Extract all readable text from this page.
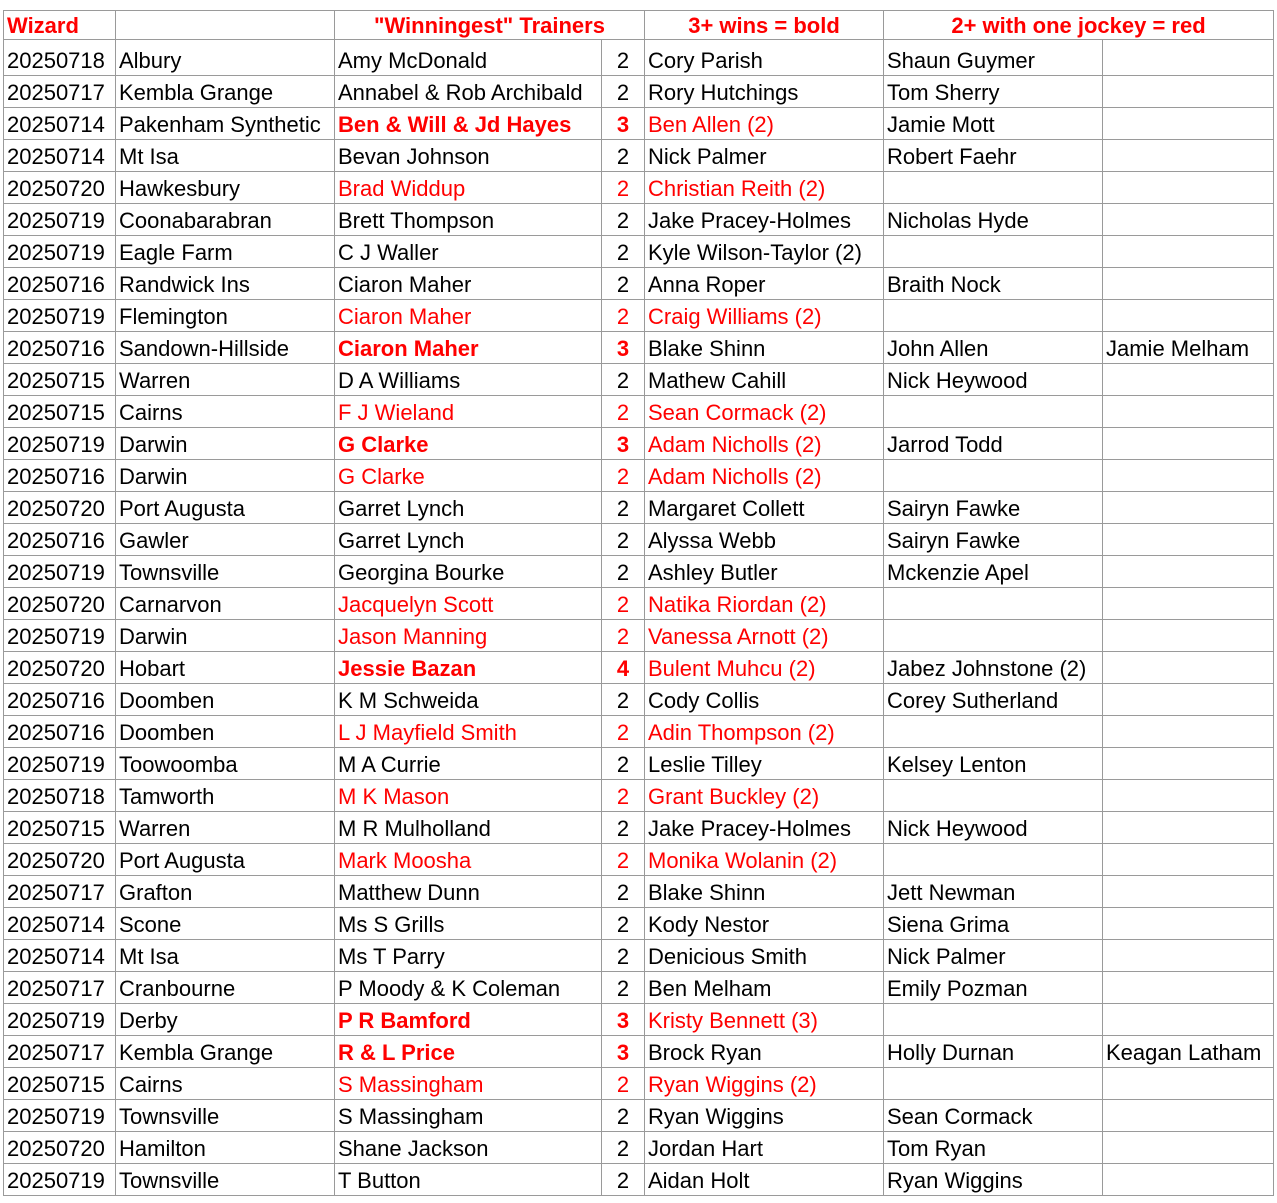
Wizard		"Winningest" Trainers		3+ wins = bold	2+ with one jockey = red	
20250718	Albury	Amy McDonald	2	Cory Parish	Shaun Guymer	
20250717	Kembla Grange	Annabel & Rob Archibald	2	Rory Hutchings	Tom Sherry	
20250714	Pakenham Synthetic	Ben & Will & Jd Hayes	3	Ben Allen (2)	Jamie Mott	
20250714	Mt Isa	Bevan Johnson	2	Nick Palmer	Robert Faehr	
20250720	Hawkesbury	Brad Widdup	2	Christian Reith (2)		
20250719	Coonabarabran	Brett Thompson	2	Jake Pracey-Holmes	Nicholas Hyde	
20250719	Eagle Farm	C J Waller	2	Kyle Wilson-Taylor (2)		
20250716	Randwick Ins	Ciaron Maher	2	Anna Roper	Braith Nock	
20250719	Flemington	Ciaron Maher	2	Craig Williams (2)		
20250716	Sandown-Hillside	Ciaron Maher	3	Blake Shinn	John Allen	Jamie Melham
20250715	Warren	D A Williams	2	Mathew Cahill	Nick Heywood	
20250715	Cairns	F J Wieland	2	Sean Cormack (2)		
20250719	Darwin	G Clarke	3	Adam Nicholls (2)	Jarrod Todd	
20250716	Darwin	G Clarke	2	Adam Nicholls (2)		
20250720	Port Augusta	Garret Lynch	2	Margaret Collett	Sairyn Fawke	
20250716	Gawler	Garret Lynch	2	Alyssa Webb	Sairyn Fawke	
20250719	Townsville	Georgina Bourke	2	Ashley Butler	Mckenzie Apel	
20250720	Carnarvon	Jacquelyn Scott	2	Natika Riordan (2)		
20250719	Darwin	Jason Manning	2	Vanessa Arnott (2)		
20250720	Hobart	Jessie Bazan	4	Bulent Muhcu (2)	Jabez Johnstone (2)	
20250716	Doomben	K M Schweida	2	Cody Collis	Corey Sutherland	
20250716	Doomben	L J Mayfield Smith	2	Adin Thompson (2)		
20250719	Toowoomba	M A Currie	2	Leslie Tilley	Kelsey Lenton	
20250718	Tamworth	M K Mason	2	Grant Buckley (2)		
20250715	Warren	M R Mulholland	2	Jake Pracey-Holmes	Nick Heywood	
20250720	Port Augusta	Mark Moosha	2	Monika Wolanin (2)		
20250717	Grafton	Matthew Dunn	2	Blake Shinn	Jett Newman	
20250714	Scone	Ms S Grills	2	Kody Nestor	Siena Grima	
20250714	Mt Isa	Ms T Parry	2	Denicious Smith	Nick Palmer	
20250717	Cranbourne	P Moody & K Coleman	2	Ben Melham	Emily Pozman	
20250719	Derby	P R Bamford	3	Kristy Bennett (3)		
20250717	Kembla Grange	R & L Price	3	Brock Ryan	Holly Durnan	Keagan Latham
20250715	Cairns	S Massingham	2	Ryan Wiggins (2)		
20250719	Townsville	S Massingham	2	Ryan Wiggins	Sean Cormack	
20250720	Hamilton	Shane Jackson	2	Jordan Hart	Tom Ryan	
20250719	Townsville	T Button	2	Aidan Holt	Ryan Wiggins	
